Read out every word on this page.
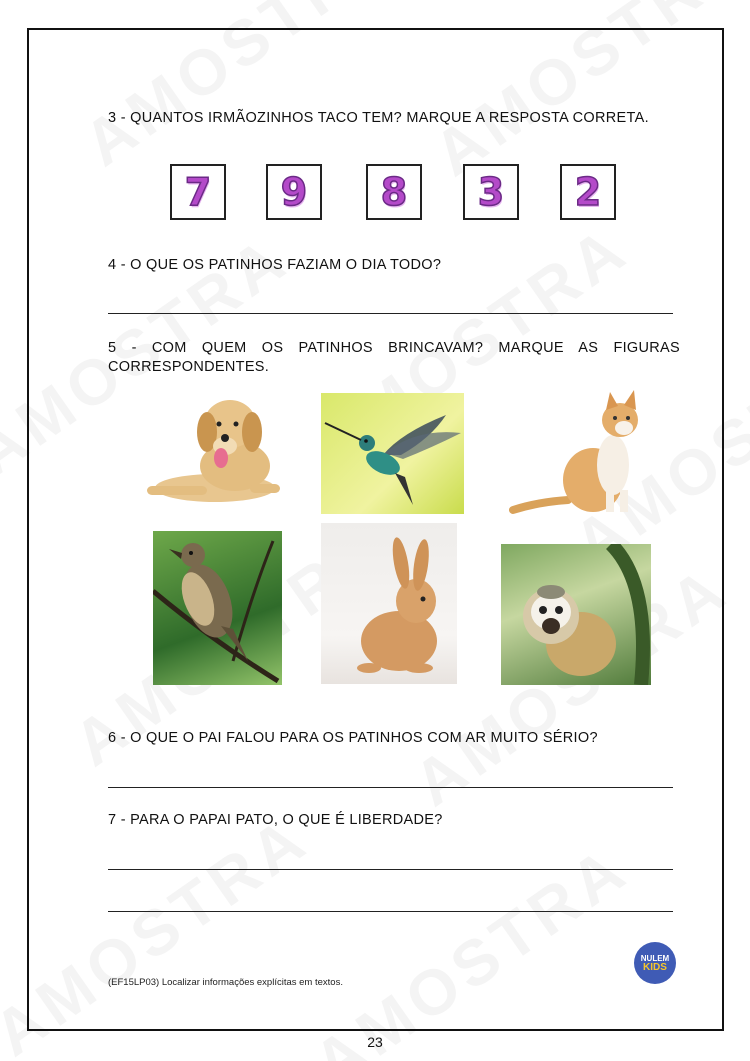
3 - QUANTOS IRMÃOZINHOS TACO TEM? MARQUE A RESPOSTA CORRETA.
7 9 8 3 2
4 - O QUE OS PATINHOS FAZIAM O DIA TODO?
5 - COM QUEM OS PATINHOS BRINCAVAM? MARQUE AS FIGURAS CORRESPONDENTES.
6 - O QUE O PAI FALOU PARA OS PATINHOS COM AR MUITO SÉRIO?
7 - PARA O PAPAI PATO, O QUE É LIBERDADE?
NULEM
KIDS
(EF15LP03) Localizar informações explícitas em textos.
23
